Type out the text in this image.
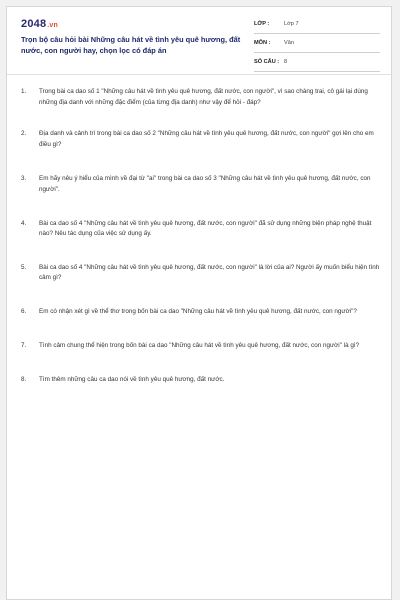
2048.vn
Trọn bộ câu hỏi bài Những câu hát về tình yêu quê hương, đất nước, con người hay, chọn lọc có đáp án
LỚP :	Lớp 7
MÔN : Văn
SỐ CÂU : 8
1. Trong bài ca dao số 1 "Những câu hát về tình yêu quê hương, đất nước, con người", vì sao chàng trai, cô gái lại dùng những địa danh với những đặc điểm (của từng địa danh) như vậy để hỏi - đáp?
2. Địa danh và cảnh trí trong bài ca dao số 2 "Những câu hát về tình yêu quê hương, đất nước, con người" gợi lên cho em điều gì?
3. Em hãy nêu ý hiểu của mình về đại từ "ai" trong bài ca dao số 3 "Những câu hát về tình yêu quê hương, đất nước, con người".
4. Bài ca dao số 4 "Những câu hát về tình yêu quê hương, đất nước, con người" đã sử dụng những biện pháp nghệ thuật nào? Nêu tác dụng của việc sử dụng ấy.
5. Bài ca dao số 4 "Những câu hát về tình yêu quê hương, đất nước, con người" là lời của ai? Người ấy muốn biểu hiện tình cảm gì?
6. Em có nhận xét gì về thể thơ trong bốn bài ca dao "Những câu hát về tình yêu quê hương, đất nước, con người"?
7. Tình cảm chung thể hiện trong bốn bài ca dao "Những câu hát về tình yêu quê hương, đất nước, con người" là gì?
8. Tìm thêm những câu ca dao nói về tình yêu quê hương, đất nước.
